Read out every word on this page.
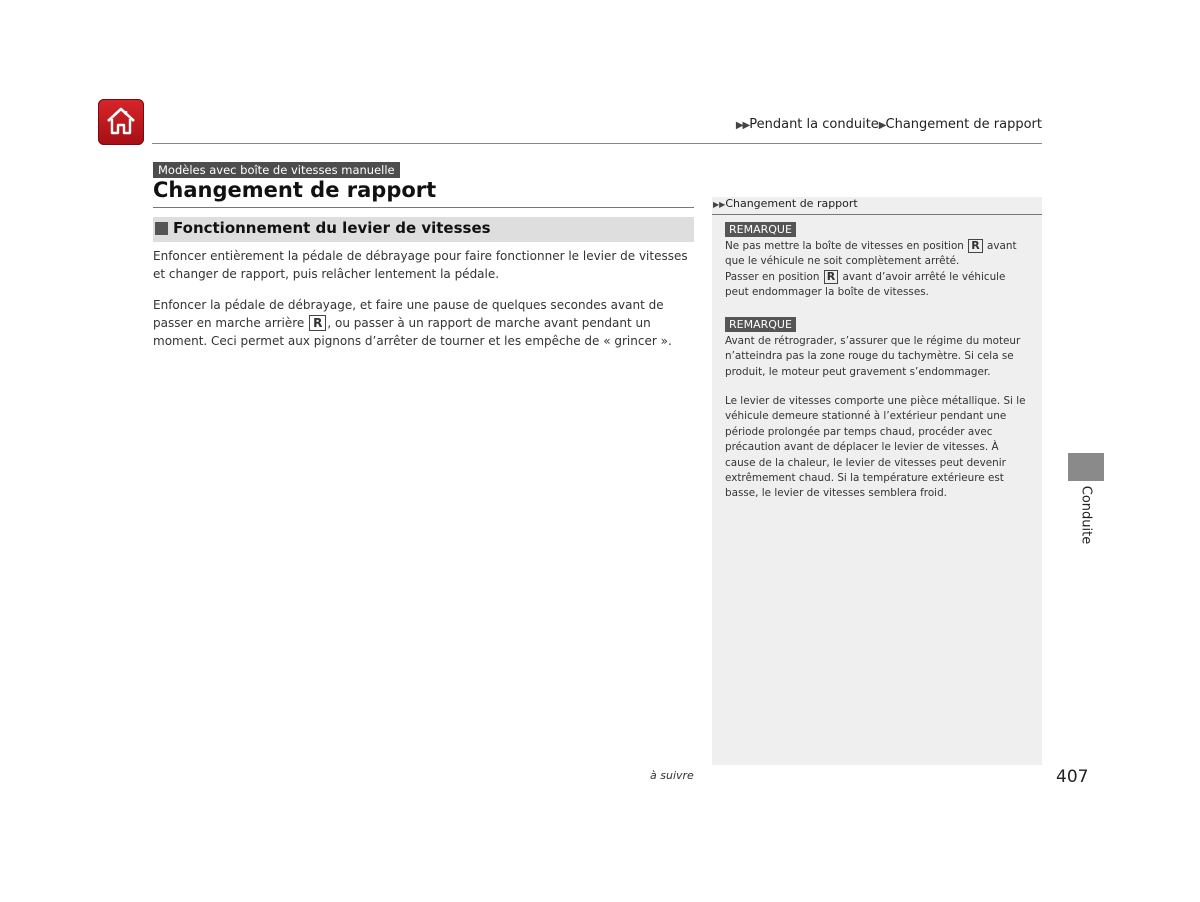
▶▶Pendant la conduite▶Changement de rapport
Modèles avec boîte de vitesses manuelle
Changement de rapport
Fonctionnement du levier de vitesses
Enfoncer entièrement la pédale de débrayage pour faire fonctionner le levier de vitesses et changer de rapport, puis relâcher lentement la pédale.
Enfoncer la pédale de débrayage, et faire une pause de quelques secondes avant de passer en marche arrière R , ou passer à un rapport de marche avant pendant un moment. Ceci permet aux pignons d’arrêter de tourner et les empêche de « grincer ».
▶▶Changement de rapport
REMARQUE
Ne pas mettre la boîte de vitesses en position R avant que le véhicule ne soit complètement arrêté.
Passer en position R avant d’avoir arrêté le véhicule peut endommager la boîte de vitesses.
REMARQUE
Avant de rétrograder, s’assurer que le régime du moteur n’atteindra pas la zone rouge du tachymètre. Si cela se produit, le moteur peut gravement s’endommager.
Le levier de vitesses comporte une pièce métallique. Si le véhicule demeure stationné à l’extérieur pendant une période prolongée par temps chaud, procéder avec précaution avant de déplacer le levier de vitesses. À cause de la chaleur, le levier de vitesses peut devenir extrêmement chaud. Si la température extérieure est basse, le levier de vitesses semblera froid.	Conduite
à suivre	407
